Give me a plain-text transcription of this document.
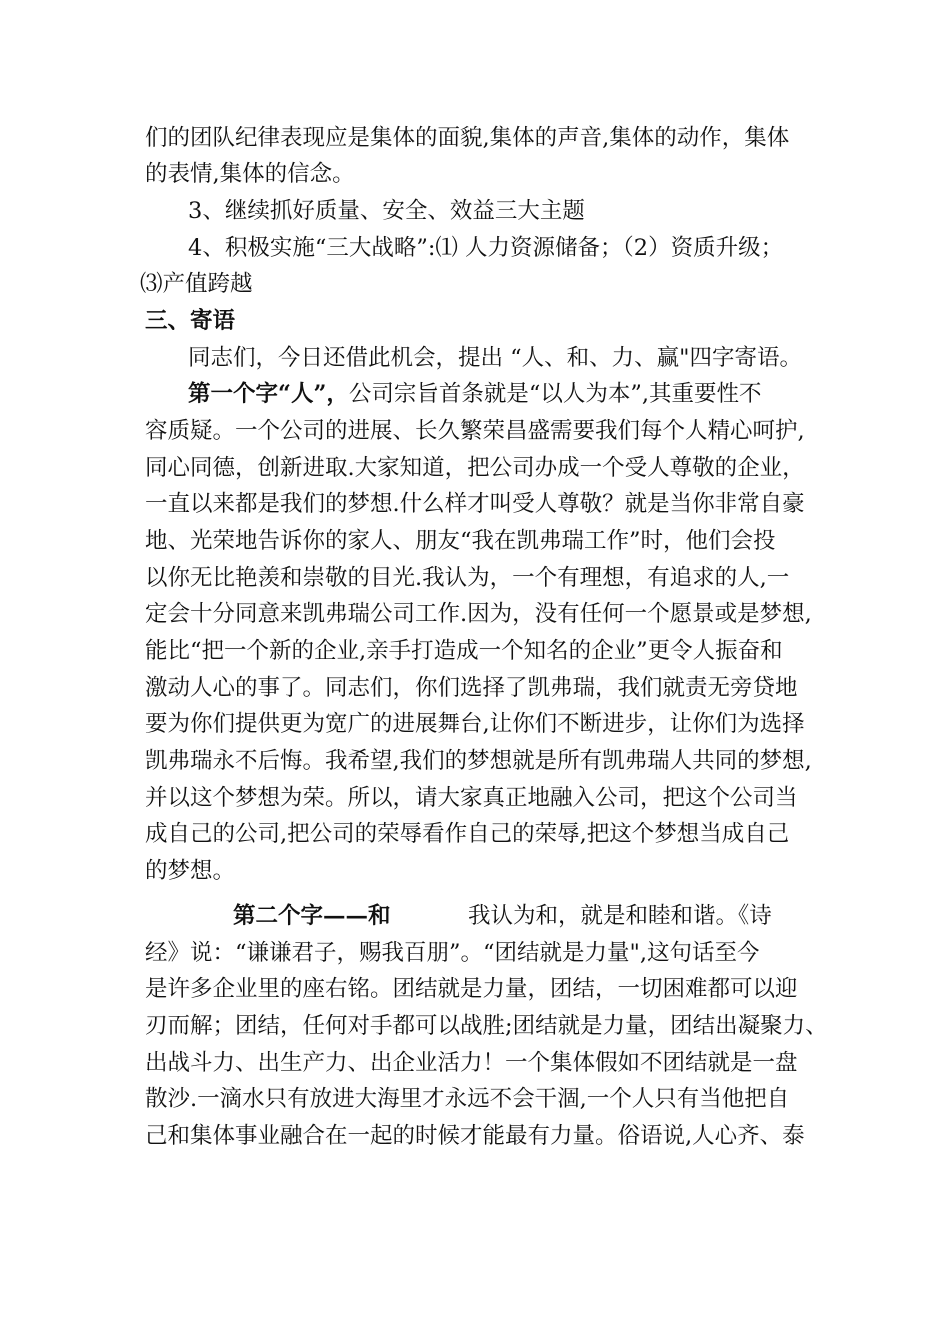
们的团队纪律表现应是集体的面貌,集体的声音,集体的动作，集体
的表情,集体的信念。
3、继续抓好质量、安全、效益三大主题
4、积极实施“三大战略”:⑴ 人力资源储备；（2）资质升级；
⑶产值跨越
三、寄语
同志们，今日还借此机会，提出 “人、和、力、赢"四字寄语。
第一个字“人”，公司宗旨首条就是“以人为本”,其重要性不
容质疑。一个公司的进展、长久繁荣昌盛需要我们每个人精心呵护,
同心同德，创新进取.大家知道，把公司办成一个受人尊敬的企业，
一直以来都是我们的梦想.什么样才叫受人尊敬？就是当你非常自豪
地、光荣地告诉你的家人、朋友“我在凯弗瑞工作”时，他们会投
以你无比艳羡和崇敬的目光.我认为，一个有理想，有追求的人,一
定会十分同意来凯弗瑞公司工作.因为，没有任何一个愿景或是梦想,
能比“把一个新的企业,亲手打造成一个知名的企业”更令人振奋和
激动人心的事了。同志们，你们选择了凯弗瑞，我们就责无旁贷地
要为你们提供更为宽广的进展舞台,让你们不断进步，让你们为选择
凯弗瑞永不后悔。我希望,我们的梦想就是所有凯弗瑞人共同的梦想,
并以这个梦想为荣。所以，请大家真正地融入公司，把这个公司当
成自己的公司,把公司的荣辱看作自己的荣辱,把这个梦想当成自己
的梦想。
第二个字——和	我认为和，就是和睦和谐。《诗
经》说：“谦谦君子，赐我百朋”。“团结就是力量",这句话至今
是许多企业里的座右铭。团结就是力量，团结，一切困难都可以迎
刃而解；团结，任何对手都可以战胜;团结就是力量，团结出凝聚力、
出战斗力、出生产力、出企业活力！一个集体假如不团结就是一盘
散沙.一滴水只有放进大海里才永远不会干涸,一个人只有当他把自
己和集体事业融合在一起的时候才能最有力量。俗语说,人心齐、泰
